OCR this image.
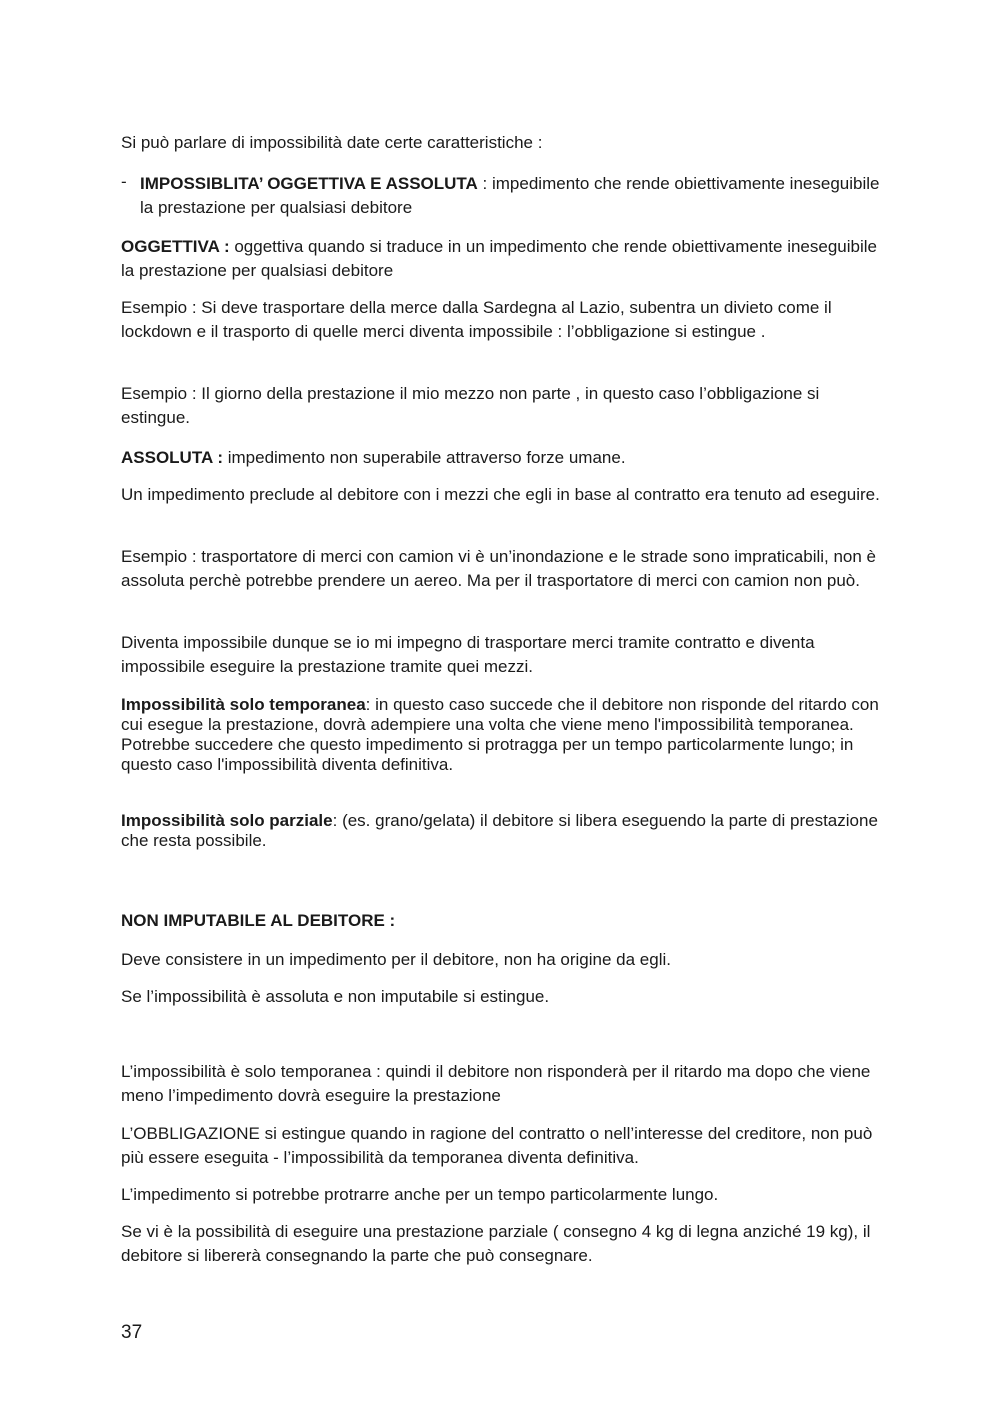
Si può parlare di impossibilità date certe caratteristiche :

- IMPOSSIBLITA’ OGGETTIVA E ASSOLUTA : impedimento che rende obiettivamente ineseguibile la prestazione per qualsiasi debitore

OGGETTIVA : oggettiva quando si traduce in un impedimento che rende obiettivamente ineseguibile la prestazione per qualsiasi debitore

Esempio : Si deve trasportare della merce dalla Sardegna al Lazio, subentra un divieto come il lockdown e il trasporto di quelle merci diventa impossibile : l’obbligazione si estingue .

Esempio : Il giorno della prestazione il mio mezzo non parte , in questo caso l’obbligazione si estingue.

ASSOLUTA : impedimento non superabile attraverso forze umane.

Un impedimento preclude al debitore con i mezzi che egli in base al contratto era tenuto ad eseguire.

Esempio : trasportatore di merci con camion vi è un’inondazione e le strade sono impraticabili, non è assoluta perchè potrebbe prendere un aereo. Ma per il trasportatore di merci con camion non può.

Diventa impossibile dunque se io mi impegno di trasportare merci tramite contratto e diventa impossibile eseguire la prestazione tramite quei mezzi.

Impossibilità solo temporanea: in questo caso succede che il debitore non risponde del ritardo con cui esegue la prestazione, dovrà adempiere una volta che viene meno l'impossibilità temporanea.
Potrebbe succedere che questo impedimento si protragga per un tempo particolarmente lungo; in questo caso l'impossibilità diventa definitiva.

Impossibilità solo parziale: (es. grano/gelata) il debitore si libera eseguendo la parte di prestazione che resta possibile.

NON IMPUTABILE AL DEBITORE :

Deve consistere in un impedimento per il debitore, non ha origine da egli.

Se l’impossibilità è assoluta e non imputabile si estingue.

L’impossibilità è solo temporanea : quindi il debitore non risponderà per il ritardo ma dopo che viene meno l’impedimento dovrà eseguire la prestazione

L’OBBLIGAZIONE si estingue quando in ragione del contratto o nell’interesse del creditore, non può più essere eseguita - l’impossibilità da temporanea diventa definitiva.

L’impedimento si potrebbe protrarre anche per un tempo particolarmente lungo.

Se vi è la possibilità di eseguire una prestazione parziale ( consegno 4 kg di legna anziché 19 kg), il debitore si libererà consegnando la parte che può consegnare.

37
